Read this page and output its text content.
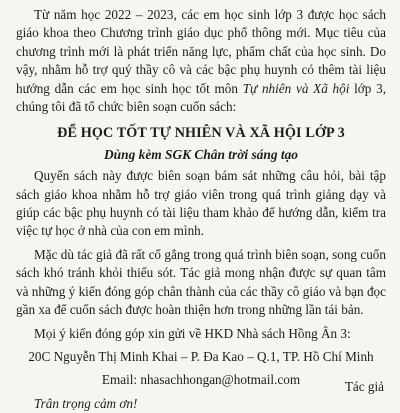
Từ năm học 2022 – 2023, các em học sinh lớp 3 được học sách giáo khoa theo Chương trình giáo dục phổ thông mới. Mục tiêu của chương trình mới là phát triển năng lực, phẩm chất của học sinh. Do vậy, nhằm hỗ trợ quý thầy cô và các bậc phụ huynh có thêm tài liệu hướng dẫn các em học sinh học tốt môn Tự nhiên và Xã hội lớp 3, chúng tôi đã tổ chức biên soạn cuốn sách:

ĐỂ HỌC TỐT TỰ NHIÊN VÀ XÃ HỘI LỚP 3
Dùng kèm SGK Chân trời sáng tạo

Quyển sách này được biên soạn bám sát những câu hỏi, bài tập sách giáo khoa nhằm hỗ trợ giáo viên trong quá trình giảng dạy và giúp các bậc phụ huynh có tài liệu tham khảo để hướng dẫn, kiểm tra việc tự học ở nhà của con em mình.

Mặc dù tác giả đã rất cố gắng trong quá trình biên soạn, song cuốn sách khó tránh khỏi thiếu sót. Tác giả mong nhận được sự quan tâm và những ý kiến đóng góp chân thành của các thầy cô giáo và bạn đọc gần xa để cuốn sách được hoàn thiện hơn trong những lần tái bản.

Mọi ý kiến đóng góp xin gửi về HKD Nhà sách Hồng Ân 3:

20C Nguyễn Thị Minh Khai – P. Đa Kao – Q.1, TP. Hồ Chí Minh

Email: nhasachhongan@hotmail.com

Trân trọng cảm ơn!

Tác giả
